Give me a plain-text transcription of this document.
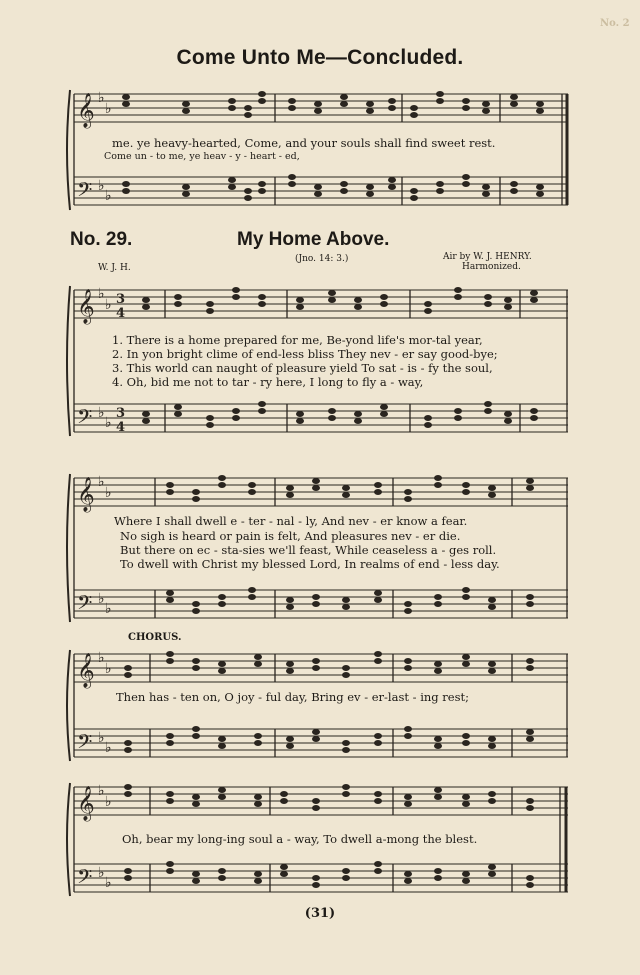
No. 2
Come Unto Me—Concluded.
𝄞
𝄢
𝄞
𝄢
𝄞
𝄢
𝄞
𝄢
𝄞
𝄢
♭
♭
♭
♭
♭
♭
♭
♭
♭
♭
♭
♭
♭
♭
♭
♭
♭
♭
♭
♭
3
4
3
4
me. ye heavy-hearted, Come, and your souls shall find sweet rest.
Come un - to me, ye heav - y - heart - ed,
No. 29.	My Home Above.
(Jno. 14: 3.)
W. J. H.
Air by W. J. HENRY.
Harmonized.
1. There is a home prepared for me, Be-yond life's mor-tal year,
2. In yon bright clime of end-less bliss They nev - er say good-bye;
3. This world can naught of pleasure yield To sat - is - fy the soul,
4. Oh, bid me not to tar - ry here, I long to fly a - way,
Where I shall dwell e - ter - nal - ly, And nev - er know a fear.
No sigh is heard or pain is felt, And pleasures nev - er die.
But there on ec - sta-sies we'll feast, While ceaseless a - ges roll.
To dwell with Christ my blessed Lord, In realms of end - less day.
CHORUS.
Then has - ten on, O joy - ful day, Bring ev - er-last - ing rest;
Oh, bear my long-ing soul a - way, To dwell a-mong the blest.
(31)
